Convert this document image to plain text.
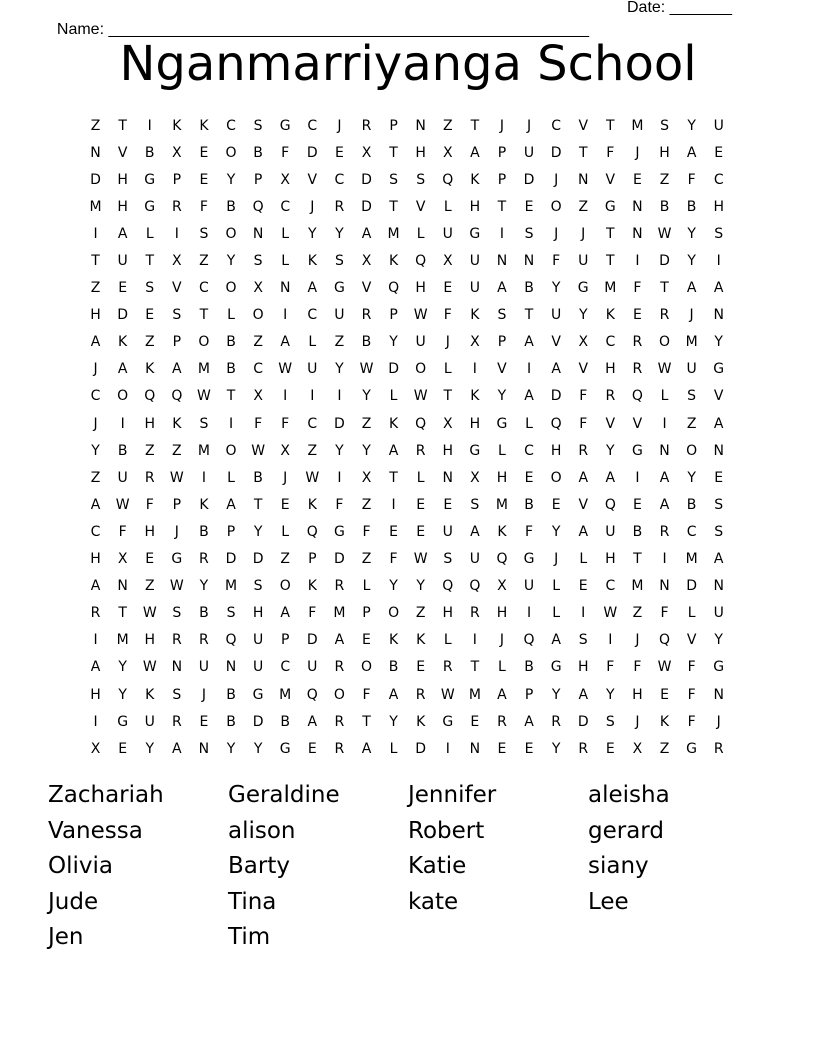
Name: ______________________________________________________

Date: _______

Nganmarriyanga School
Z	T	I	K	K	C	S	G	C	J	R	P	N	Z	T	J	J	C	V	T	M	S	Y	U
N	V	B	X	E	O	B	F	D	E	X	T	H	X	A	P	U	D	T	F	J	H	A	E
D	H	G	P	E	Y	P	X	V	C	D	S	S	Q	K	P	D	J	N	V	E	Z	F	C
M	H	G	R	F	B	Q	C	J	R	D	T	V	L	H	T	E	O	Z	G	N	B	B	H
I	A	L	I	S	O	N	L	Y	Y	A	M	L	U	G	I	S	J	J	T	N	W	Y	S
T	U	T	X	Z	Y	S	L	K	S	X	K	Q	X	U	N	N	F	U	T	I	D	Y	I
Z	E	S	V	C	O	X	N	A	G	V	Q	H	E	U	A	B	Y	G	M	F	T	A	A
H	D	E	S	T	L	O	I	C	U	R	P	W	F	K	S	T	U	Y	K	E	R	J	N
A	K	Z	P	O	B	Z	A	L	Z	B	Y	U	J	X	P	A	V	X	C	R	O	M	Y
J	A	K	A	M	B	C	W	U	Y	W	D	O	L	I	V	I	A	V	H	R	W	U	G
C	O	Q	Q	W	T	X	I	I	I	Y	L	W	T	K	Y	A	D	F	R	Q	L	S	V
J	I	H	K	S	I	F	F	C	D	Z	K	Q	X	H	G	L	Q	F	V	V	I	Z	A
Y	B	Z	Z	M	O	W	X	Z	Y	Y	A	R	H	G	L	C	H	R	Y	G	N	O	N
Z	U	R	W	I	L	B	J	W	I	X	T	L	N	X	H	E	O	A	A	I	A	Y	E
A	W	F	P	K	A	T	E	K	F	Z	I	E	E	S	M	B	E	V	Q	E	A	B	S
C	F	H	J	B	P	Y	L	Q	G	F	E	E	U	A	K	F	Y	A	U	B	R	C	S
H	X	E	G	R	D	D	Z	P	D	Z	F	W	S	U	Q	G	J	L	H	T	I	M	A
A	N	Z	W	Y	M	S	O	K	R	L	Y	Y	Q	Q	X	U	L	E	C	M	N	D	N
R	T	W	S	B	S	H	A	F	M	P	O	Z	H	R	H	I	L	I	W	Z	F	L	U
I	M	H	R	R	Q	U	P	D	A	E	K	K	L	I	J	Q	A	S	I	J	Q	V	Y
A	Y	W	N	U	N	U	C	U	R	O	B	E	R	T	L	B	G	H	F	F	W	F	G
H	Y	K	S	J	B	G	M	Q	O	F	A	R	W	M	A	P	Y	A	Y	H	E	F	N
I	G	U	R	E	B	D	B	A	R	T	Y	K	G	E	R	A	R	D	S	J	K	F	J
X	E	Y	A	N	Y	Y	G	E	R	A	L	D	I	N	E	E	Y	R	E	X	Z	G	R
Zachariah	Geraldine	Jennifer	aleisha
Vanessa	alison	Robert	gerard
Olivia	Barty	Katie	siany
Jude	Tina	kate	Lee
Jen	Tim
